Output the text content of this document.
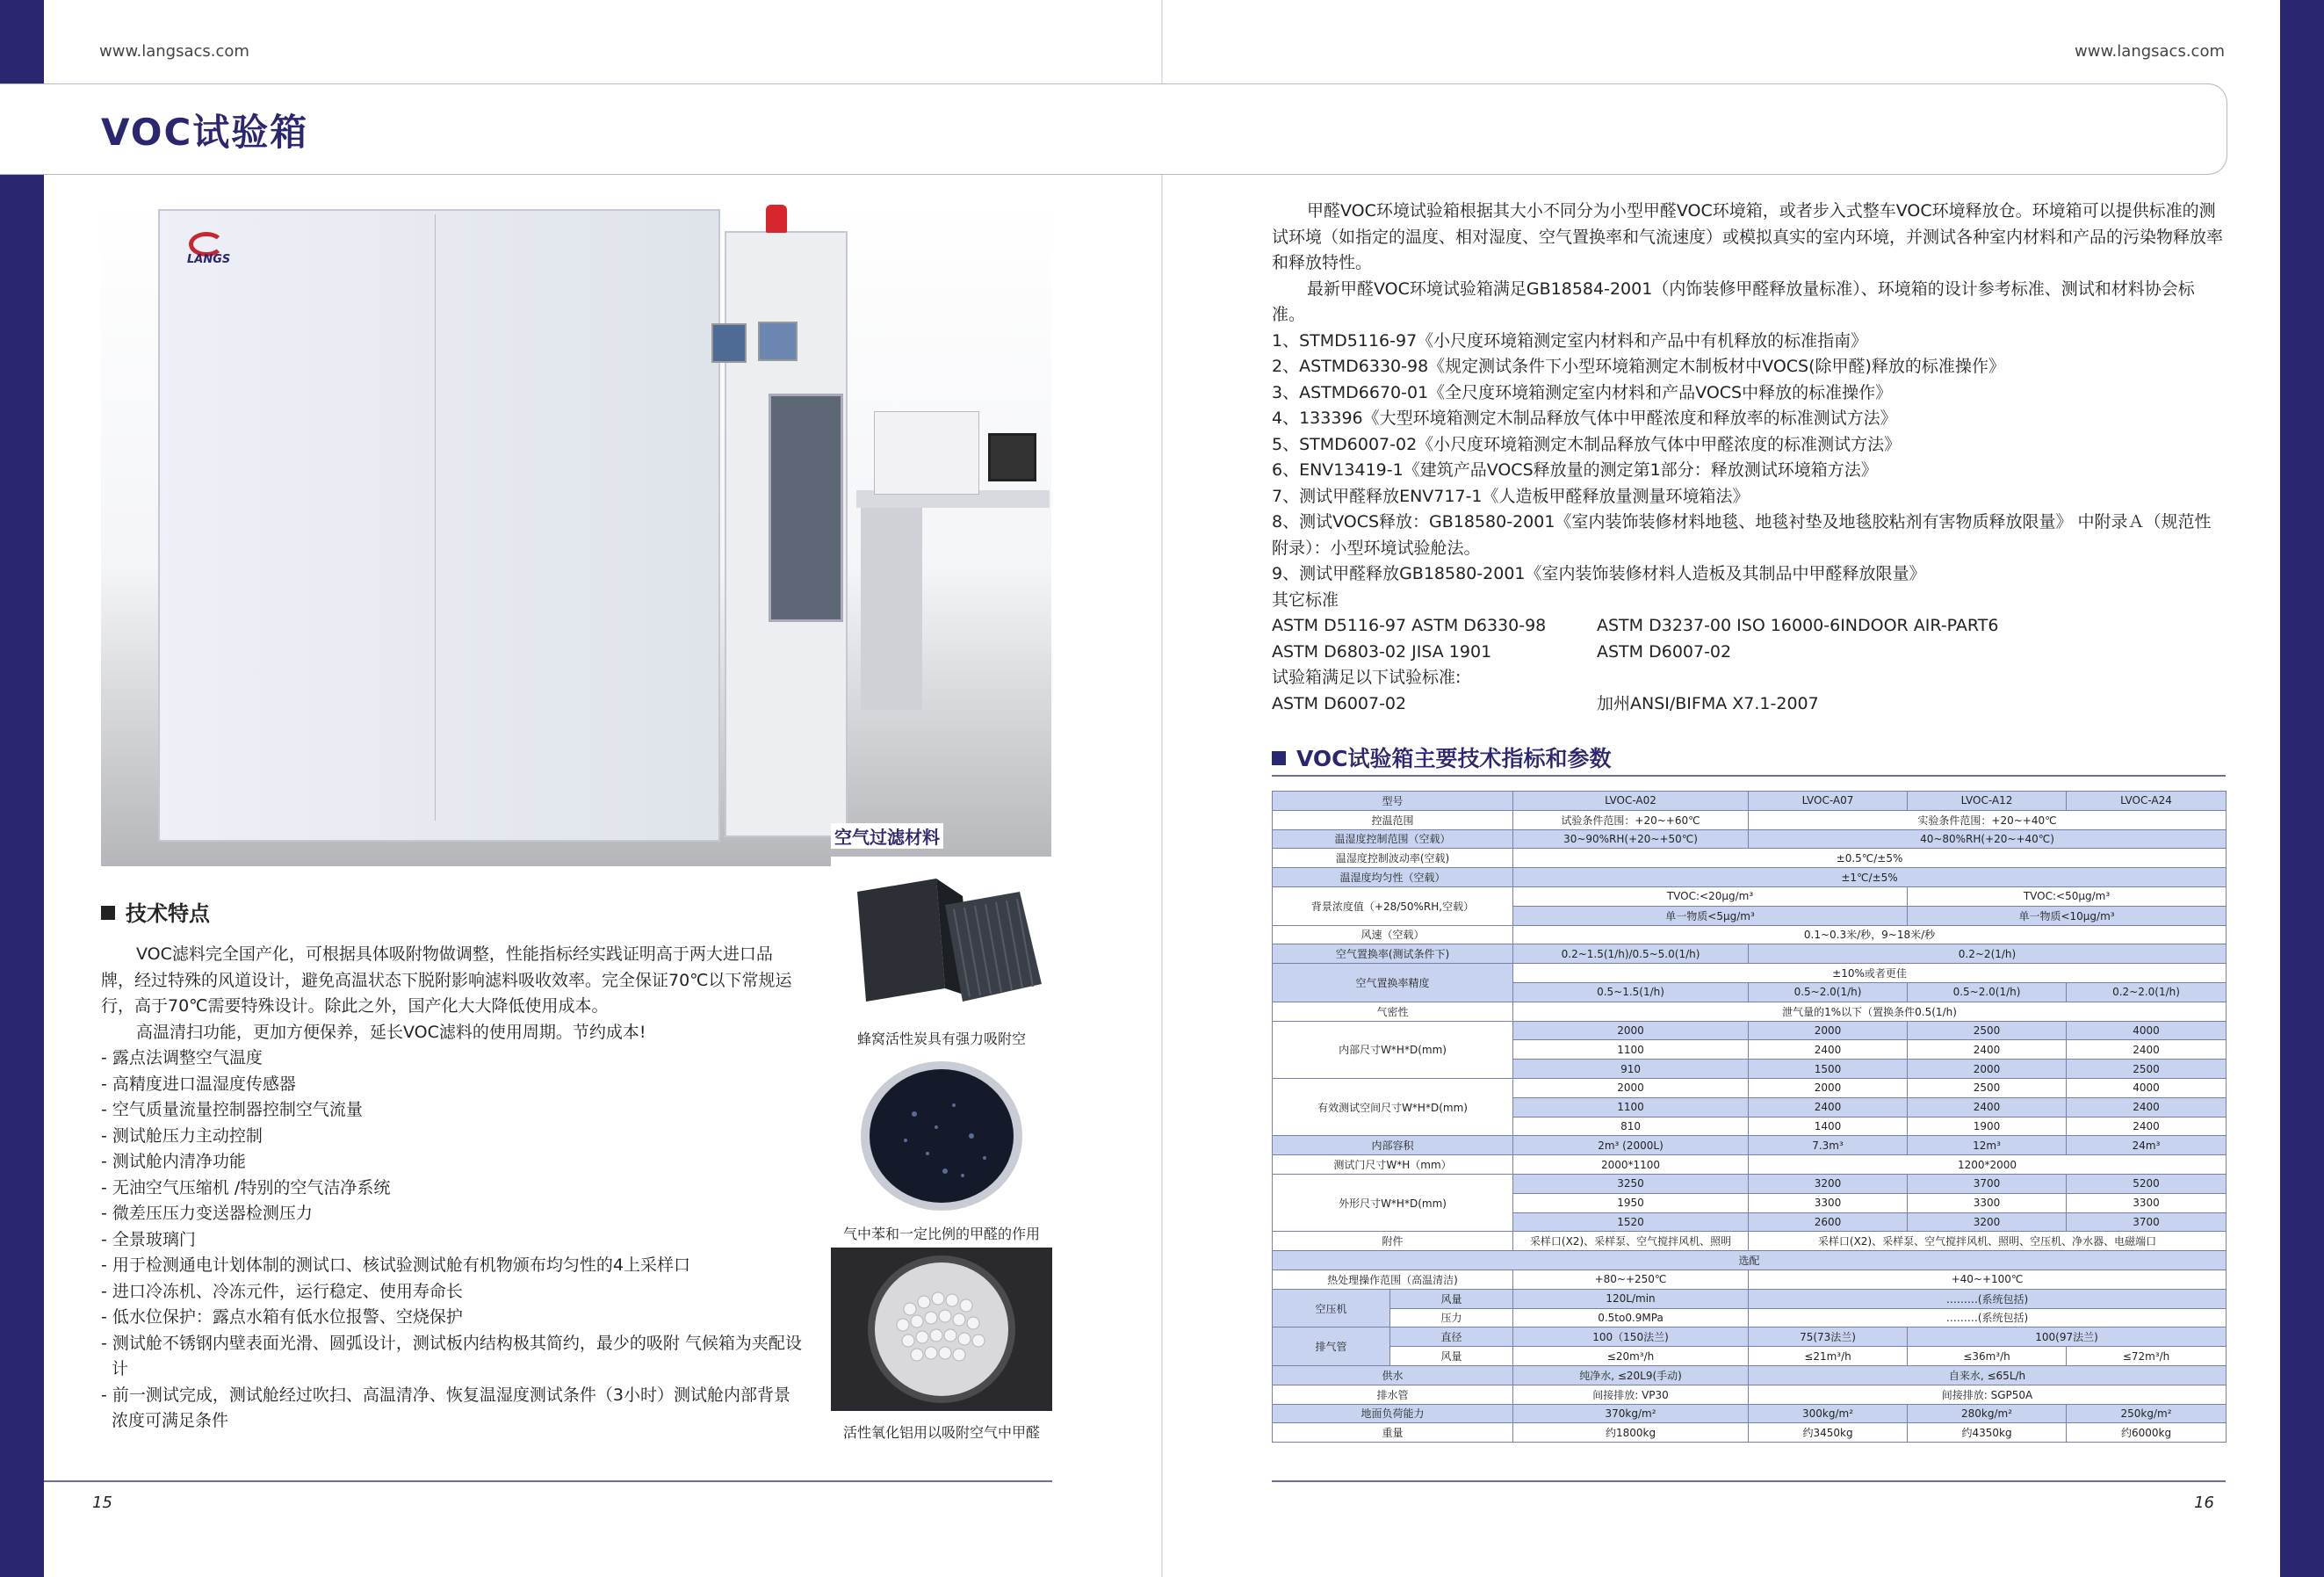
www.langsacs.com	www.langsacs.com
VOC试验箱
LANGS
空气过滤材料
蜂窝活性炭具有强力吸附空
气中苯和一定比例的甲醛的作用
活性氧化铝用以吸附空气中甲醛
技术特点

VOC滤料完全国产化，可根据具体吸附物做调整，性能指标经实践证明高于两大进口品牌，经过特殊的风道设计，避免高温状态下脱附影响滤料吸收效率。完全保证70℃以下常规运行，高于70℃需要特殊设计。除此之外，国产化大大降低使用成本。

高温清扫功能，更加方便保养，延长VOC滤料的使用周期。节约成本!

- 露点法调整空气温度

- 高精度进口温湿度传感器

- 空气质量流量控制器控制空气流量

- 测试舱压力主动控制

- 测试舱内清净功能

- 无油空气压缩机 /特别的空气洁净系统

- 微差压压力变送器检测压力

- 全景玻璃门

- 用于检测通电计划体制的测试口、核试验测试舱有机物颁布均匀性的4上采样口

- 进口冷冻机、冷冻元件，运行稳定、使用寿命长

- 低水位保护：露点水箱有低水位报警、空烧保护

- 测试舱不锈钢内壁表面光滑、圆弧设计，测试板内结构极其简约，最少的吸附 气候箱为夹配设计

- 前一测试完成，测试舱经过吹扫、高温清净、恢复温湿度测试条件（3小时）测试舱内部背景浓度可满足条件

15

甲醛VOC环境试验箱根据其大小不同分为小型甲醛VOC环境箱，或者步入式整车VOC环境释放仓。环境箱可以提供标准的测试环境（如指定的温度、相对湿度、空气置换率和气流速度）或模拟真实的室内环境，并测试各种室内材料和产品的污染物释放率和释放特性。

最新甲醛VOC环境试验箱满足GB18584-2001（内饰装修甲醛释放量标准）、环境箱的设计参考标准、测试和材料协会标准。

1、STMD5116-97《小尺度环境箱测定室内材料和产品中有机释放的标准指南》

2、ASTMD6330-98《规定测试条件下小型环境箱测定木制板材中VOCS(除甲醛)释放的标准操作》

3、ASTMD6670-01《全尺度环境箱测定室内材料和产品VOCS中释放的标准操作》

4、133396《大型环境箱测定木制品释放气体中甲醛浓度和释放率的标准测试方法》

5、STMD6007-02《小尺度环境箱测定木制品释放气体中甲醛浓度的标准测试方法》

6、ENV13419-1《建筑产品VOCS释放量的测定第1部分：释放测试环境箱方法》

7、测试甲醛释放ENV717-1《人造板甲醛释放量测量环境箱法》

8、测试VOCS释放：GB18580-2001《室内装饰装修材料地毯、地毯衬垫及地毯胶粘剂有害物质释放限量》 中附录Ａ（规范性附录）：小型环境试验舱法。

9、测试甲醛释放GB18580-2001《室内装饰装修材料人造板及其制品中甲醛释放限量》

其它标准

ASTM D5116-97 ASTM D6330-98	ASTM D3237-00 ISO 16000-6INDOOR AIR-PART6
ASTM D6803-02 JISA 1901	ASTM D6007-02

试验箱满足以下试验标准:

ASTM D6007-02	加州ANSI/BIFMA X7.1-2007
VOC试验箱主要技术指标和参数
型号		LVOC-A02	LVOC-A07	LVOC-A12	LVOC-A24
控温范围		试验条件范围：+20~+60℃	实验条件范围：+20~+40℃		
温湿度控制范围（空载）		30~90%RH(+20~+50℃)	40~80%RH(+20~+40℃)		
温湿度控制波动率(空载)		±0.5℃/±5%			
温湿度均匀性（空载）		±1℃/±5%			
背景浓度值（+28/50%RH,空载）		TVOC:<20μg/m³		TVOC:<50μg/m³	
		单一物质<5μg/m³		单一物质<10μg/m³	
风速（空载）		0.1~0.3米/秒，9~18米/秒			
空气置换率(测试条件下)		0.2~1.5(1/h)/0.5~5.0(1/h)	0.2~2(1/h)		
空气置换率精度		±10%或者更佳			
		0.5~1.5(1/h)	0.5~2.0(1/h)	0.5~2.0(1/h)	0.2~2.0(1/h)
气密性		泄气量的1%以下（置换条件0.5(1/h)			
内部尺寸W*H*D(mm)		2000	2000	2500	4000
		1100	2400	2400	2400
		910	1500	2000	2500
有效测试空间尺寸W*H*D(mm)		2000	2000	2500	4000
		1100	2400	2400	2400
		810	1400	1900	2400
内部容积		2m³ (2000L)	7.3m³	12m³	24m³
测试门尺寸W*H（mm）		2000*1100	1200*2000		
外形尺寸W*H*D(mm)		3250	3200	3700	5200
		1950	3300	3300	3300
		1520	2600	3200	3700
附件		采样口(X2)、采样泵、空气搅拌风机、照明	采样口(X2)、采样泵、空气搅拌风机、照明、空压机、净水器、电磁端口		
选配					
热处理操作范围（高温清洁)		+80~+250℃	+40~+100℃		
空压机	风量	120L/min	………(系统包括)		
	压力	0.5to0.9MPa	………(系统包括)		
排气管	直径	100（150法兰)	75(73法兰)	100(97法兰)	
	风量	≤20m³/h	≤21m³/h	≤36m³/h	≤72m³/h
供水		纯净水, ≤20L9(手动)	自来水, ≤65L/h		
排水管		间接排放: VP30	间接排放: SGP50A		
地面负荷能力		370kg/m²	300kg/m²	280kg/m²	250kg/m²
重量		约1800kg	约3450kg	约4350kg	约6000kg
16
